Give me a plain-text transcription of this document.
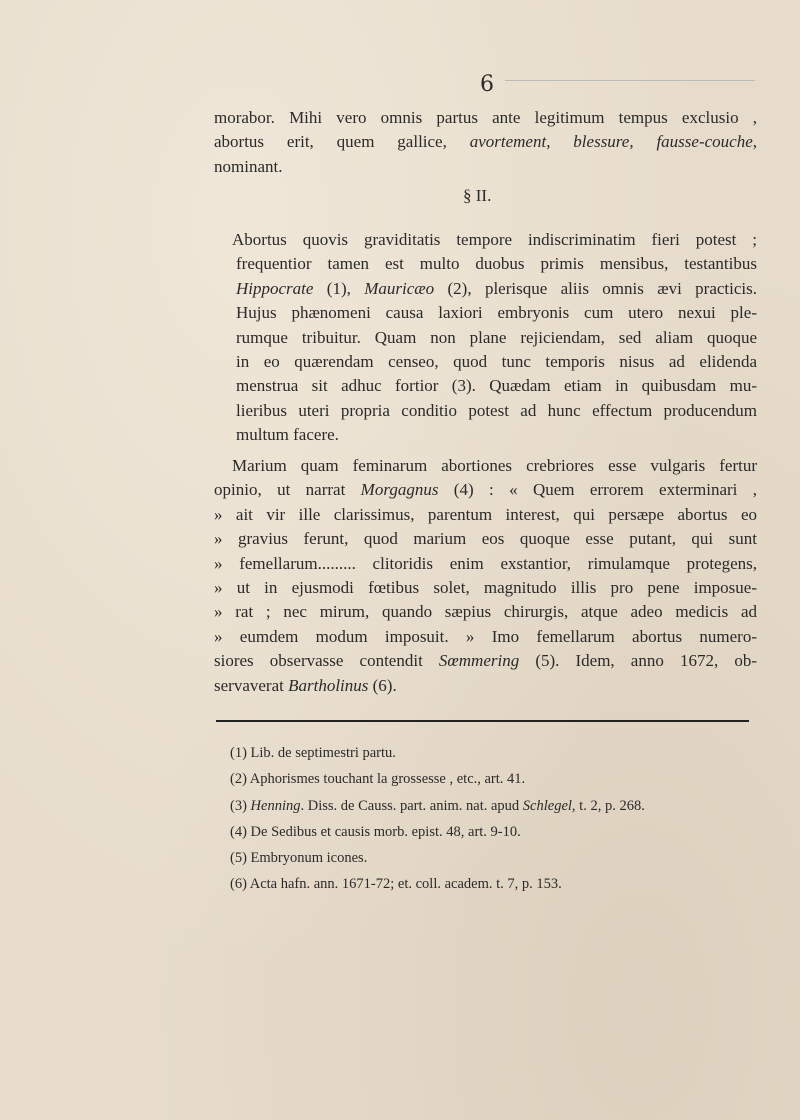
6
morabor. Mihi vero omnis partus ante legitimum tempus exclusio ,
abortus erit, quem gallice, avortement, blessure, fausse-couche,
nominant.
§ II.
Abortus quovis graviditatis tempore indiscriminatim fieri potest ;
frequentior tamen est multo duobus primis mensibus, testantibus
Hippocrate (1), Mauricæo (2), plerisque aliis omnis ævi practicis.
Hujus phænomeni causa laxiori embryonis cum utero nexui ple-
rumque tribuitur. Quam non plane rejiciendam, sed aliam quoque
in eo quærendam censeo, quod tunc temporis nisus ad elidenda
menstrua sit adhuc fortior (3). Quædam etiam in quibusdam mu-
lieribus uteri propria conditio potest ad hunc effectum producendum
multum facere.
Marium quam feminarum abortiones crebriores esse vulgaris fertur
opinio, ut narrat Morgagnus (4) : « Quem errorem exterminari ,
» ait vir ille clarissimus, parentum interest, qui persæpe abortus eo
» gravius ferunt, quod marium eos quoque esse putant, qui sunt
» femellarum......... clitoridis enim exstantior, rimulamque protegens,
» ut in ejusmodi fœtibus solet, magnitudo illis pro pene imposue-
» rat ; nec mirum, quando sæpius chirurgis, atque adeo medicis ad
» eumdem modum imposuit. » Imo femellarum abortus numero-
siores observasse contendit Sœmmering (5). Idem, anno 1672, ob-
servaverat Bartholinus (6).
(1) Lib. de septimestri partu.
(2) Aphorismes touchant la grossesse , etc., art. 41.
(3) Henning. Diss. de Causs. part. anim. nat. apud Schlegel, t. 2, p. 268.
(4) De Sedibus et causis morb. epist. 48, art. 9-10.
(5) Embryonum icones.
(6) Acta hafn. ann. 1671-72; et. coll. academ. t. 7, p. 153.
